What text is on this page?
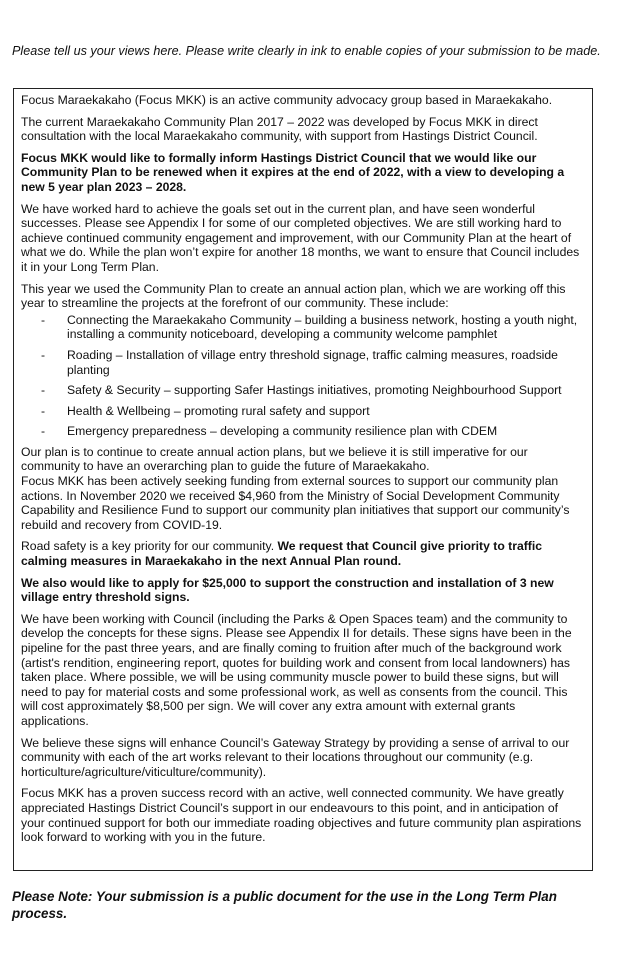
Please tell us your views here. Please write clearly in ink to enable copies of your submission to be made.

Focus Maraekakaho (Focus MKK) is an active community advocacy group based in Maraekakaho.

The current Maraekakaho Community Plan 2017 – 2022 was developed by Focus MKK in direct consultation with the local Maraekakaho community, with support from Hastings District Council.

Focus MKK would like to formally inform Hastings District Council that we would like our Community Plan to be renewed when it expires at the end of 2022, with a view to developing a new 5 year plan 2023 – 2028.

We have worked hard to achieve the goals set out in the current plan, and have seen wonderful successes. Please see Appendix I for some of our completed objectives. We are still working hard to achieve continued community engagement and improvement, with our Community Plan at the heart of what we do. While the plan won’t expire for another 18 months, we want to ensure that Council includes it in your Long Term Plan.

This year we used the Community Plan to create an annual action plan, which we are working off this year to streamline the projects at the forefront of our community. These include:

- Connecting the Maraekakaho Community – building a business network, hosting a youth night, installing a community noticeboard, developing a community welcome pamphlet
- Roading – Installation of village entry threshold signage, traffic calming measures, roadside planting
- Safety & Security – supporting Safer Hastings initiatives, promoting Neighbourhood Support
- Health & Wellbeing – promoting rural safety and support
- Emergency preparedness – developing a community resilience plan with CDEM

Our plan is to continue to create annual action plans, but we believe it is still imperative for our community to have an overarching plan to guide the future of Maraekakaho.

Focus MKK has been actively seeking funding from external sources to support our community plan actions. In November 2020 we received $4,960 from the Ministry of Social Development Community Capability and Resilience Fund to support our community plan initiatives that support our community’s rebuild and recovery from COVID-19.

Road safety is a key priority for our community. We request that Council give priority to traffic calming measures in Maraekakaho in the next Annual Plan round.

We also would like to apply for $25,000 to support the construction and installation of 3 new village entry threshold signs.

We have been working with Council (including the Parks & Open Spaces team) and the community to develop the concepts for these signs. Please see Appendix II for details. These signs have been in the pipeline for the past three years, and are finally coming to fruition after much of the background work (artist's rendition, engineering report, quotes for building work and consent from local landowners) has taken place. Where possible, we will be using community muscle power to build these signs, but will need to pay for material costs and some professional work, as well as consents from the council. This will cost approximately $8,500 per sign. We will cover any extra amount with external grants applications.

We believe these signs will enhance Council’s Gateway Strategy by providing a sense of arrival to our community with each of the art works relevant to their locations throughout our community (e.g. horticulture/agriculture/viticulture/community).

Focus MKK has a proven success record with an active, well connected community. We have greatly appreciated Hastings District Council’s support in our endeavours to this point, and in anticipation of your continued support for both our immediate roading objectives and future community plan aspirations look forward to working with you in the future.

Please Note: Your submission is a public document for the use in the Long Term Plan process.
